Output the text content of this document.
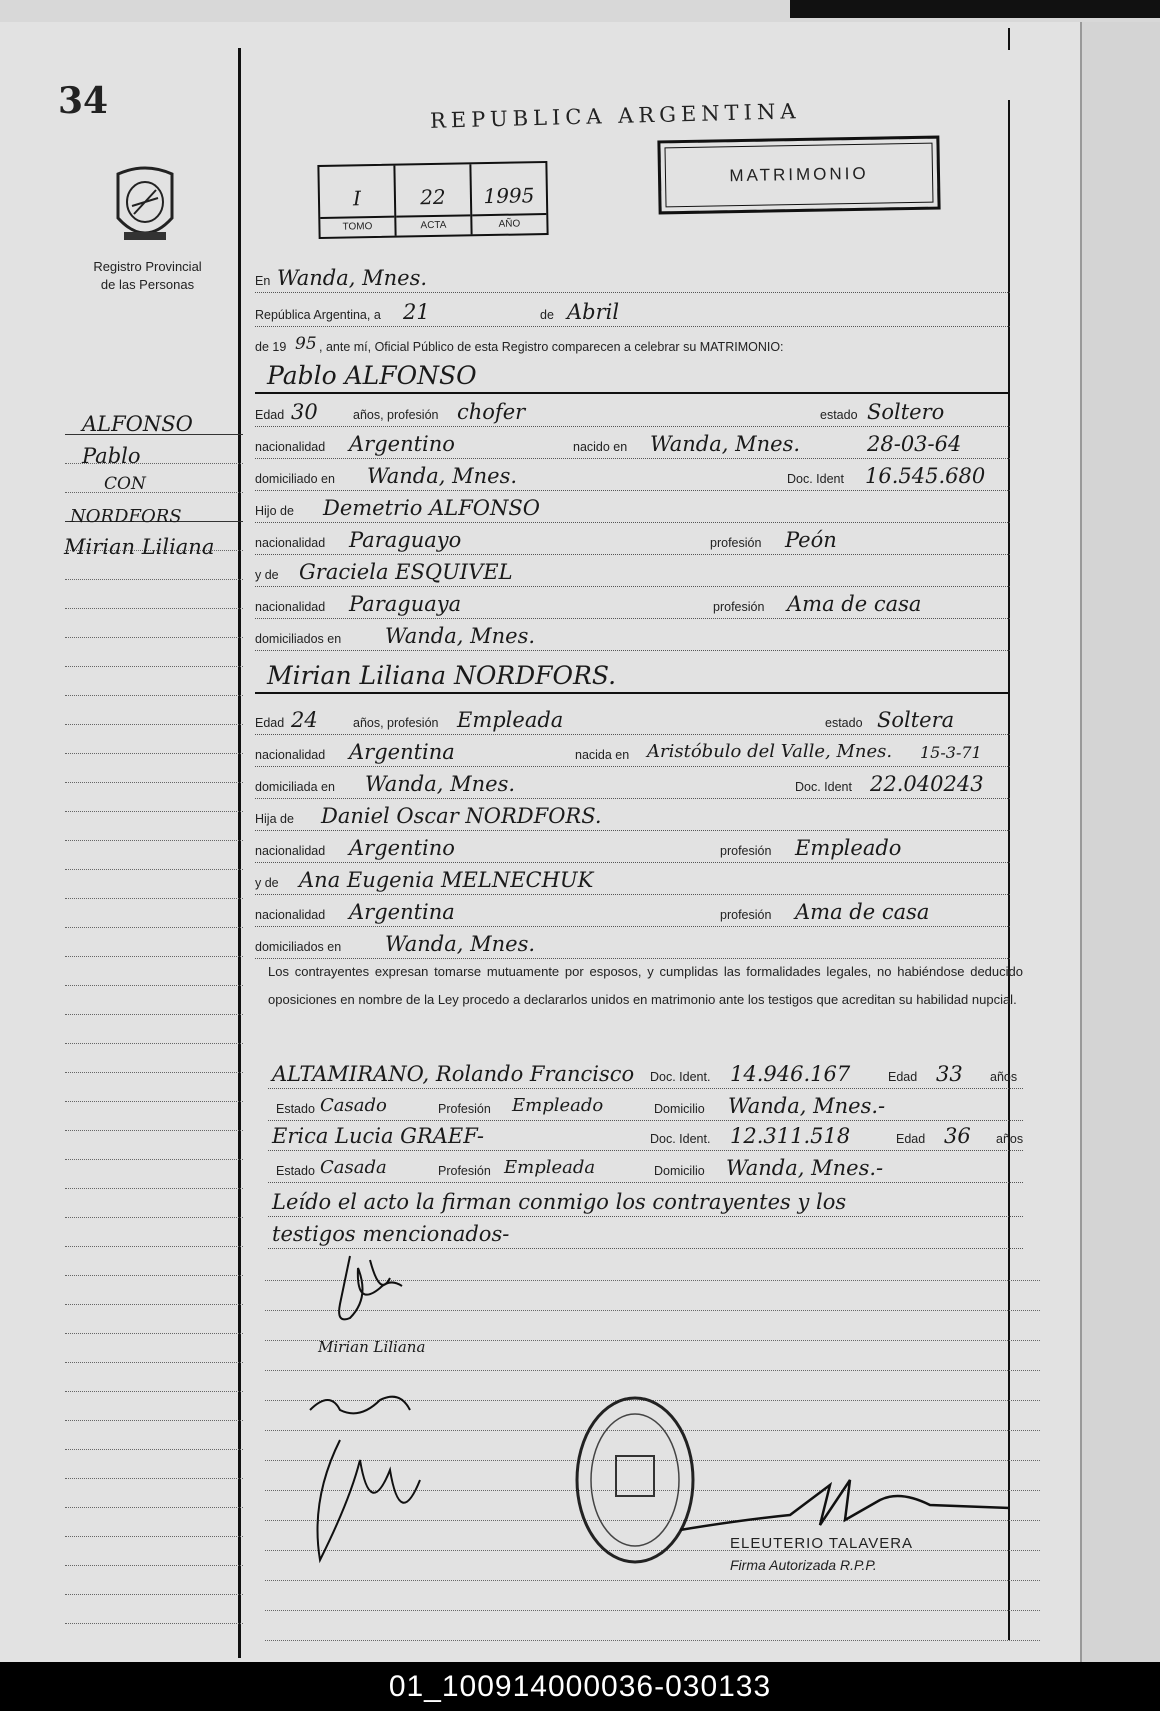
34
Registro Provincial
de las Personas
ALFONSO
Pablo
CON
NORDFORS
Mirian Liliana
REPUBLICA ARGENTINA
I
TOMO
22
ACTA
1995
AÑO
MATRIMONIO
En Wanda, Mnes.
República Argentina, a 21	de Abril
de 19 95 , ante mí, Oficial Público de esta Registro comparecen a celebrar su MATRIMONIO:
Pablo ALFONSO
Edad 30	años, profesión chofer	estado Soltero
nacionalidad Argentino	nacido en Wanda, Mnes.	28-03-64
domiciliado en Wanda, Mnes.	Doc. Ident 16.545.680
Hijo de Demetrio ALFONSO
nacionalidad Paraguayo	profesión Peón
y de Graciela ESQUIVEL
nacionalidad Paraguaya	profesión Ama de casa
domiciliados en Wanda, Mnes.
Mirian Liliana NORDFORS.
Edad 24	años, profesión Empleada	estado Soltera
nacionalidad Argentina	nacida en Aristóbulo del Valle, Mnes. 15-3-71
domiciliada en Wanda, Mnes.	Doc. Ident 22.040243
Hija de Daniel Oscar NORDFORS.
nacionalidad Argentino	profesión Empleado
y de Ana Eugenia MELNECHUK
nacionalidad Argentina	profesión Ama de casa
domiciliados en Wanda, Mnes.
Los contrayentes expresan tomarse mutuamente por esposos, y cumplidas las formalidades legales, no habiéndose deducido oposiciones en nombre de la Ley procedo a declararlos unidos en matrimonio ante los testigos que acreditan su habilidad nupcial.
ALTAMIRANO, Rolando Francisco Doc. Ident. 14.946.167	Edad 33 años
Estado Casado	Profesión Empleado	Domicilio Wanda, Mnes.-
Erica Lucia GRAEF-	Doc. Ident. 12.311.518	Edad 36 años
Estado Casada	Profesión Empleada	Domicilio Wanda, Mnes.-
Leído el acto la firman conmigo los contrayentes y los
testigos mencionados-
Mirian Liliana
ELEUTERIO TALAVERA
Firma Autorizada R.P.P.
01_100914000036-030133
